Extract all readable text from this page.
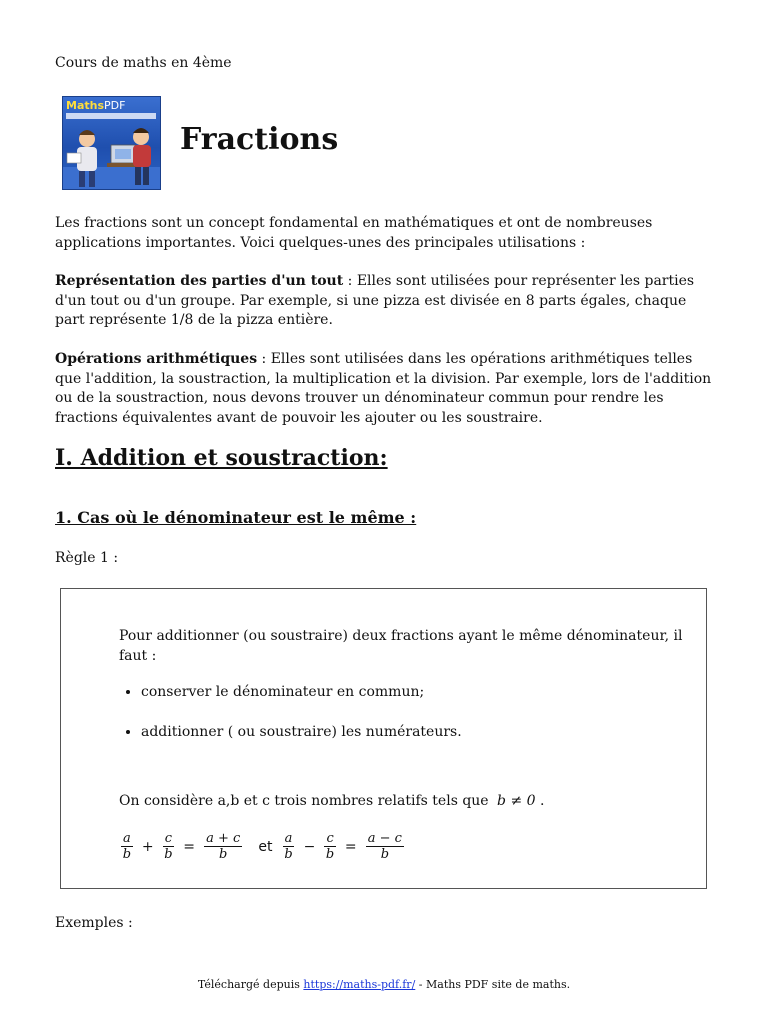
Cours de maths en 4ème
MathsPDF
Fractions
Les fractions sont un concept fondamental en mathématiques et ont de nombreuses applications importantes. Voici quelques-unes des principales utilisations :
Représentation des parties d'un tout : Elles sont utilisées pour représenter les parties d'un tout ou d'un groupe. Par exemple, si une pizza est divisée en 8 parts égales, chaque part représente 1/8 de la pizza entière.
Opérations arithmétiques : Elles sont utilisées dans les opérations arithmétiques telles que l'addition, la soustraction, la multiplication et la division. Par exemple, lors de l'addition ou de la soustraction, nous devons trouver un dénominateur commun pour rendre les fractions équivalentes avant de pouvoir les ajouter ou les soustraire.
I. Addition et soustraction:
1. Cas où le dénominateur est le même :
Règle 1 :
Pour additionner (ou soustraire) deux fractions ayant le même dénominateur, il faut :
• conserver le dénominateur en commun;
• additionner ( ou soustraire) les numérateurs.
On considère a,b et c trois nombres relatifs tels que b ≠ 0 .
$\frac{a}{b} + \frac{c}{b} = \frac{a + c}{b}$ et $\frac{a}{b} - \frac{c}{b} = \frac{a - c}{b}$
Exemples :
Téléchargé depuis https://maths-pdf.fr/ - Maths PDF site de maths.
